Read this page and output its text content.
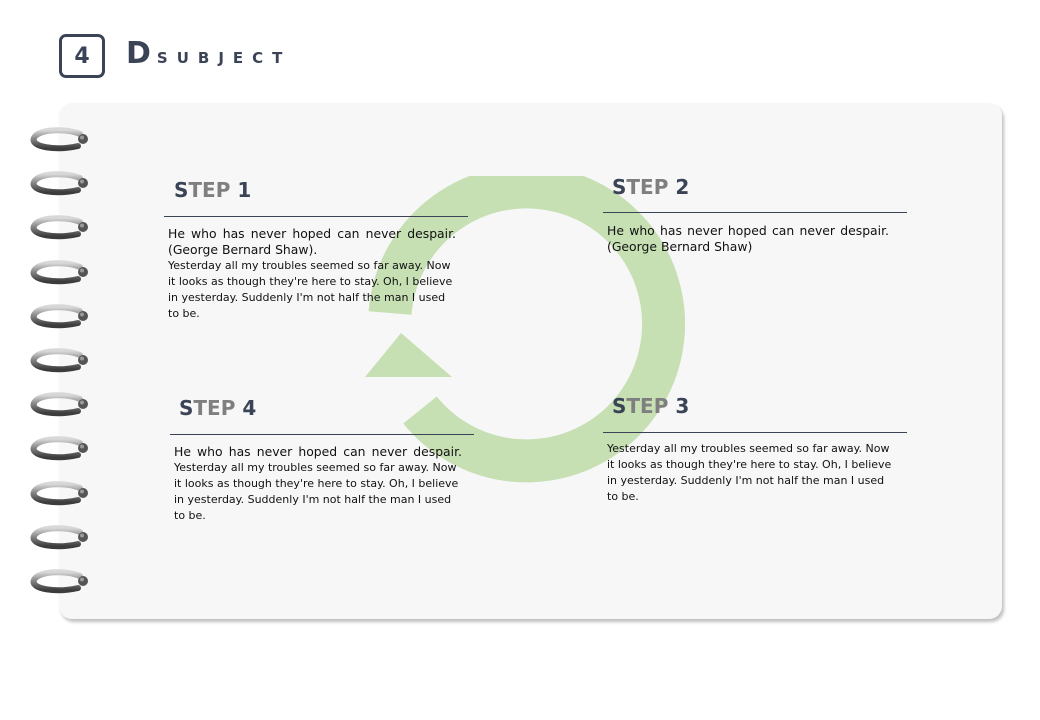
4 DSUBJECT
STEP 1
He who has never hoped can never despair.
(George Bernard Shaw).
Yesterday all my troubles seemed so far away. Now it looks as though they're here to stay. Oh, I believe in yesterday. Suddenly I'm not half the man I used to be.
STEP 2
He who has never hoped can never despair.
(George Bernard Shaw)
STEP 3
Yesterday all my troubles seemed so far away. Now it looks as though they're here to stay. Oh, I believe in yesterday. Suddenly I'm not half the man I used to be.
STEP 4
He who has never hoped can never despair.
Yesterday all my troubles seemed so far away. Now it looks as though they're here to stay. Oh, I believe in yesterday. Suddenly I'm not half the man I used to be.
